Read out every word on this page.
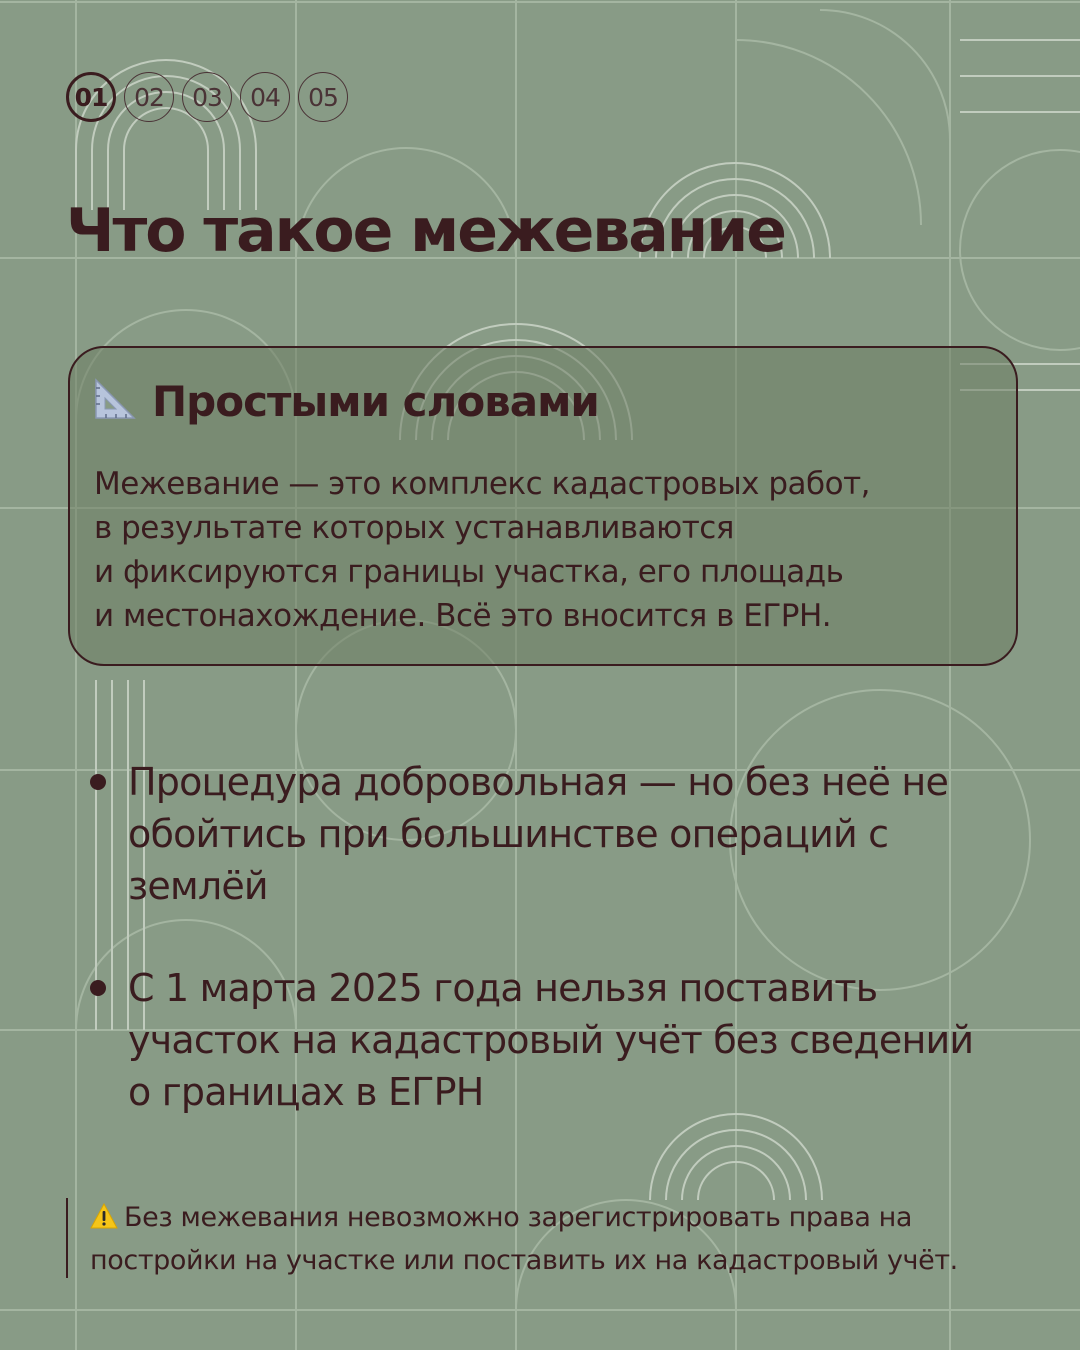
01	02	03	04	05
Что такое межевание
Простыми словами
Межевание — это комплекс кадастровых работ,
в результате которых устанавливаются
и фиксируются границы участка, его площадь
и местонахождение. Всё это вносится в ЕГРН.
Процедура добровольная — но без неё не
обойтись при большинстве операций с
землёй
С 1 марта 2025 года нельзя поставить
участок на кадастровый учёт без сведений
о границах в ЕГРН
Без межевания невозможно зарегистрировать права на
постройки на участке или поставить их на кадастровый учёт.
